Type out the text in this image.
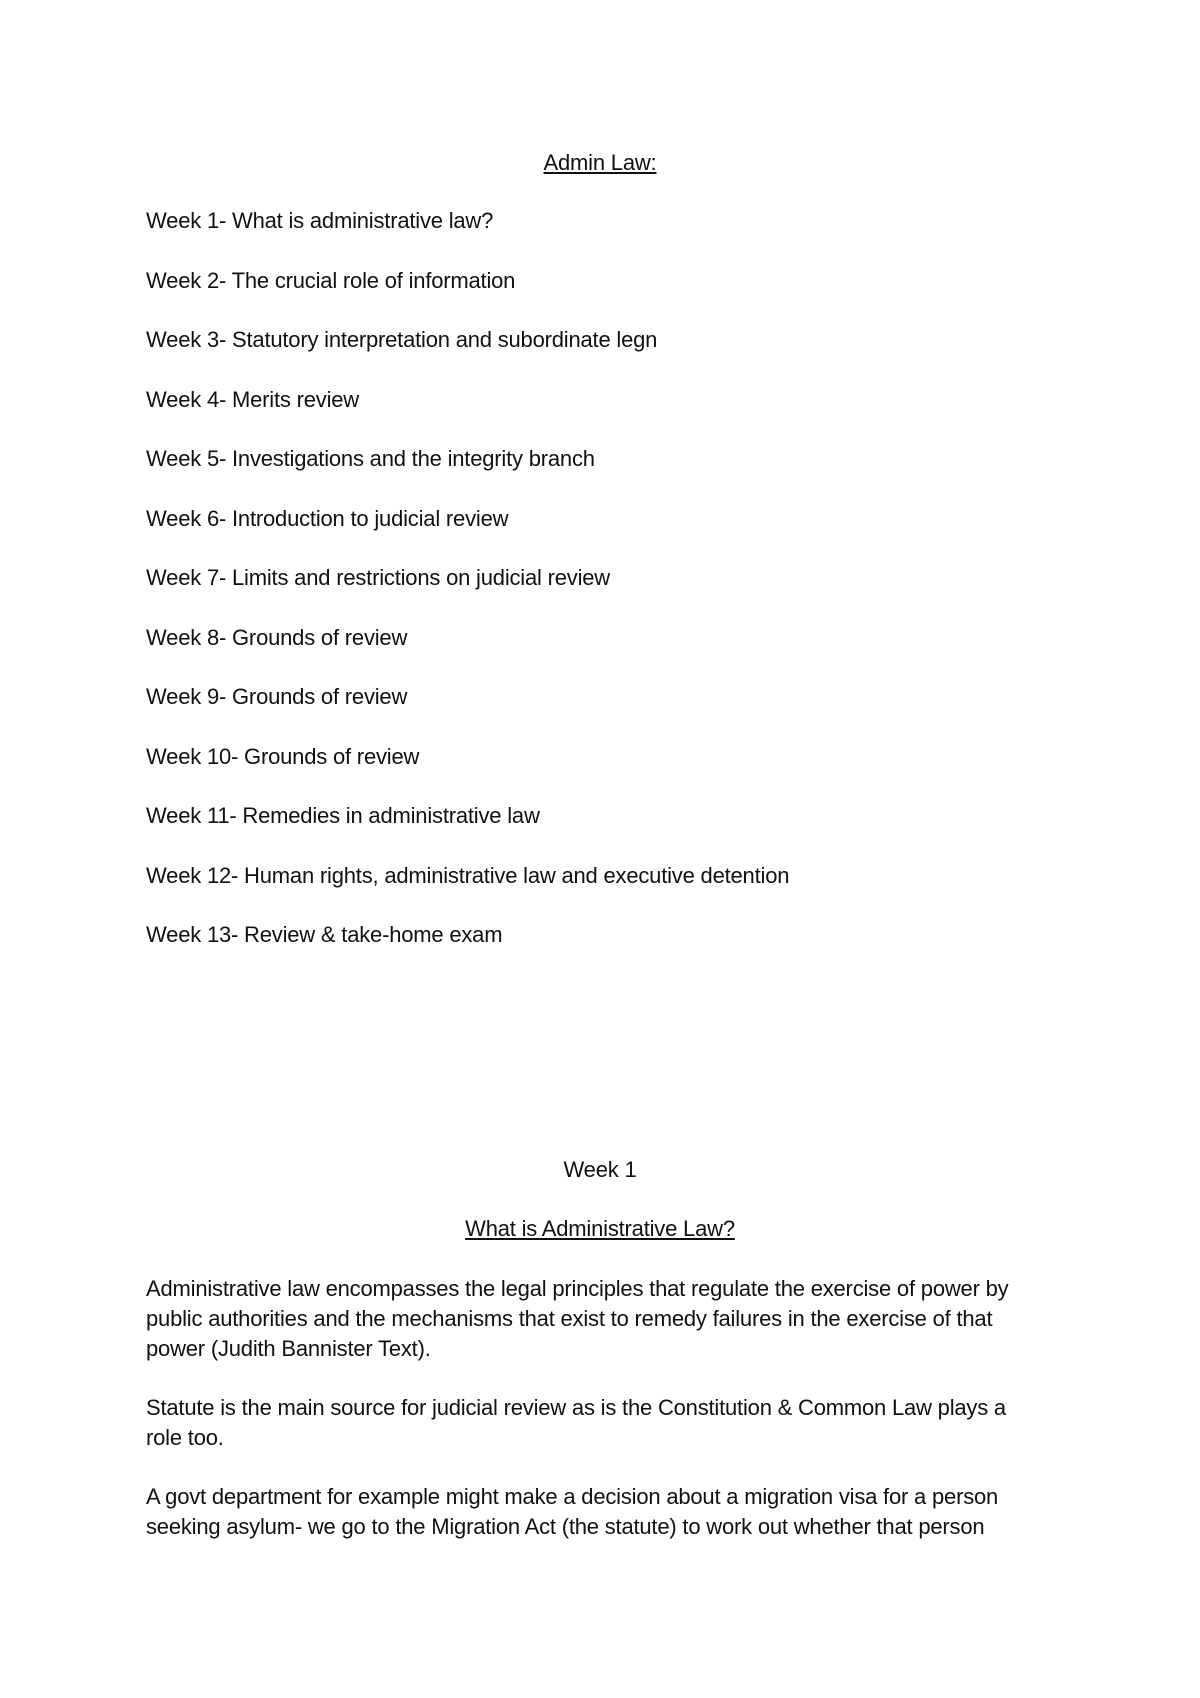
Admin Law:
Week 1- What is administrative law?
Week 2- The crucial role of information
Week 3- Statutory interpretation and subordinate legn
Week 4- Merits review
Week 5- Investigations and the integrity branch
Week 6- Introduction to judicial review
Week 7- Limits and restrictions on judicial review
Week 8- Grounds of review
Week 9- Grounds of review
Week 10- Grounds of review
Week 11- Remedies in administrative law
Week 12- Human rights, administrative law and executive detention
Week 13- Review & take-home exam
Week 1
What is Administrative Law?

Administrative law encompasses the legal principles that regulate the exercise of power by public authorities and the mechanisms that exist to remedy failures in the exercise of that power (Judith Bannister Text).

Statute is the main source for judicial review as is the Constitution & Common Law plays a role too.

A govt department for example might make a decision about a migration visa for a person seeking asylum- we go to the Migration Act (the statute) to work out whether that person
